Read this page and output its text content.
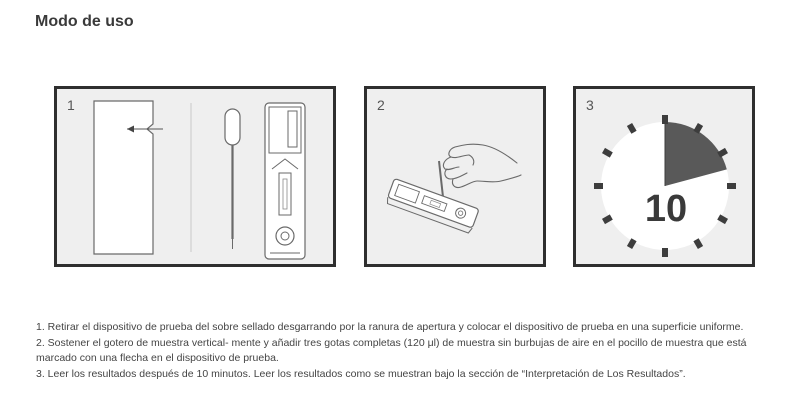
Modo de uso
1	2	3
10

1. Retirar el dispositivo de prueba del sobre sellado desgarrando por la ranura de apertura y colocar el dispositivo de prueba en una superficie uniforme.

2. Sostener el gotero de muestra vertical- mente y añadir tres gotas completas (120 μl) de muestra sin burbujas de aire en el pocillo de muestra que está marcado con una flecha en el dispositivo de prueba.

3. Leer los resultados después de 10 minutos. Leer los resultados como se muestran bajo la sección de “Interpretación de Los Resultados”.
